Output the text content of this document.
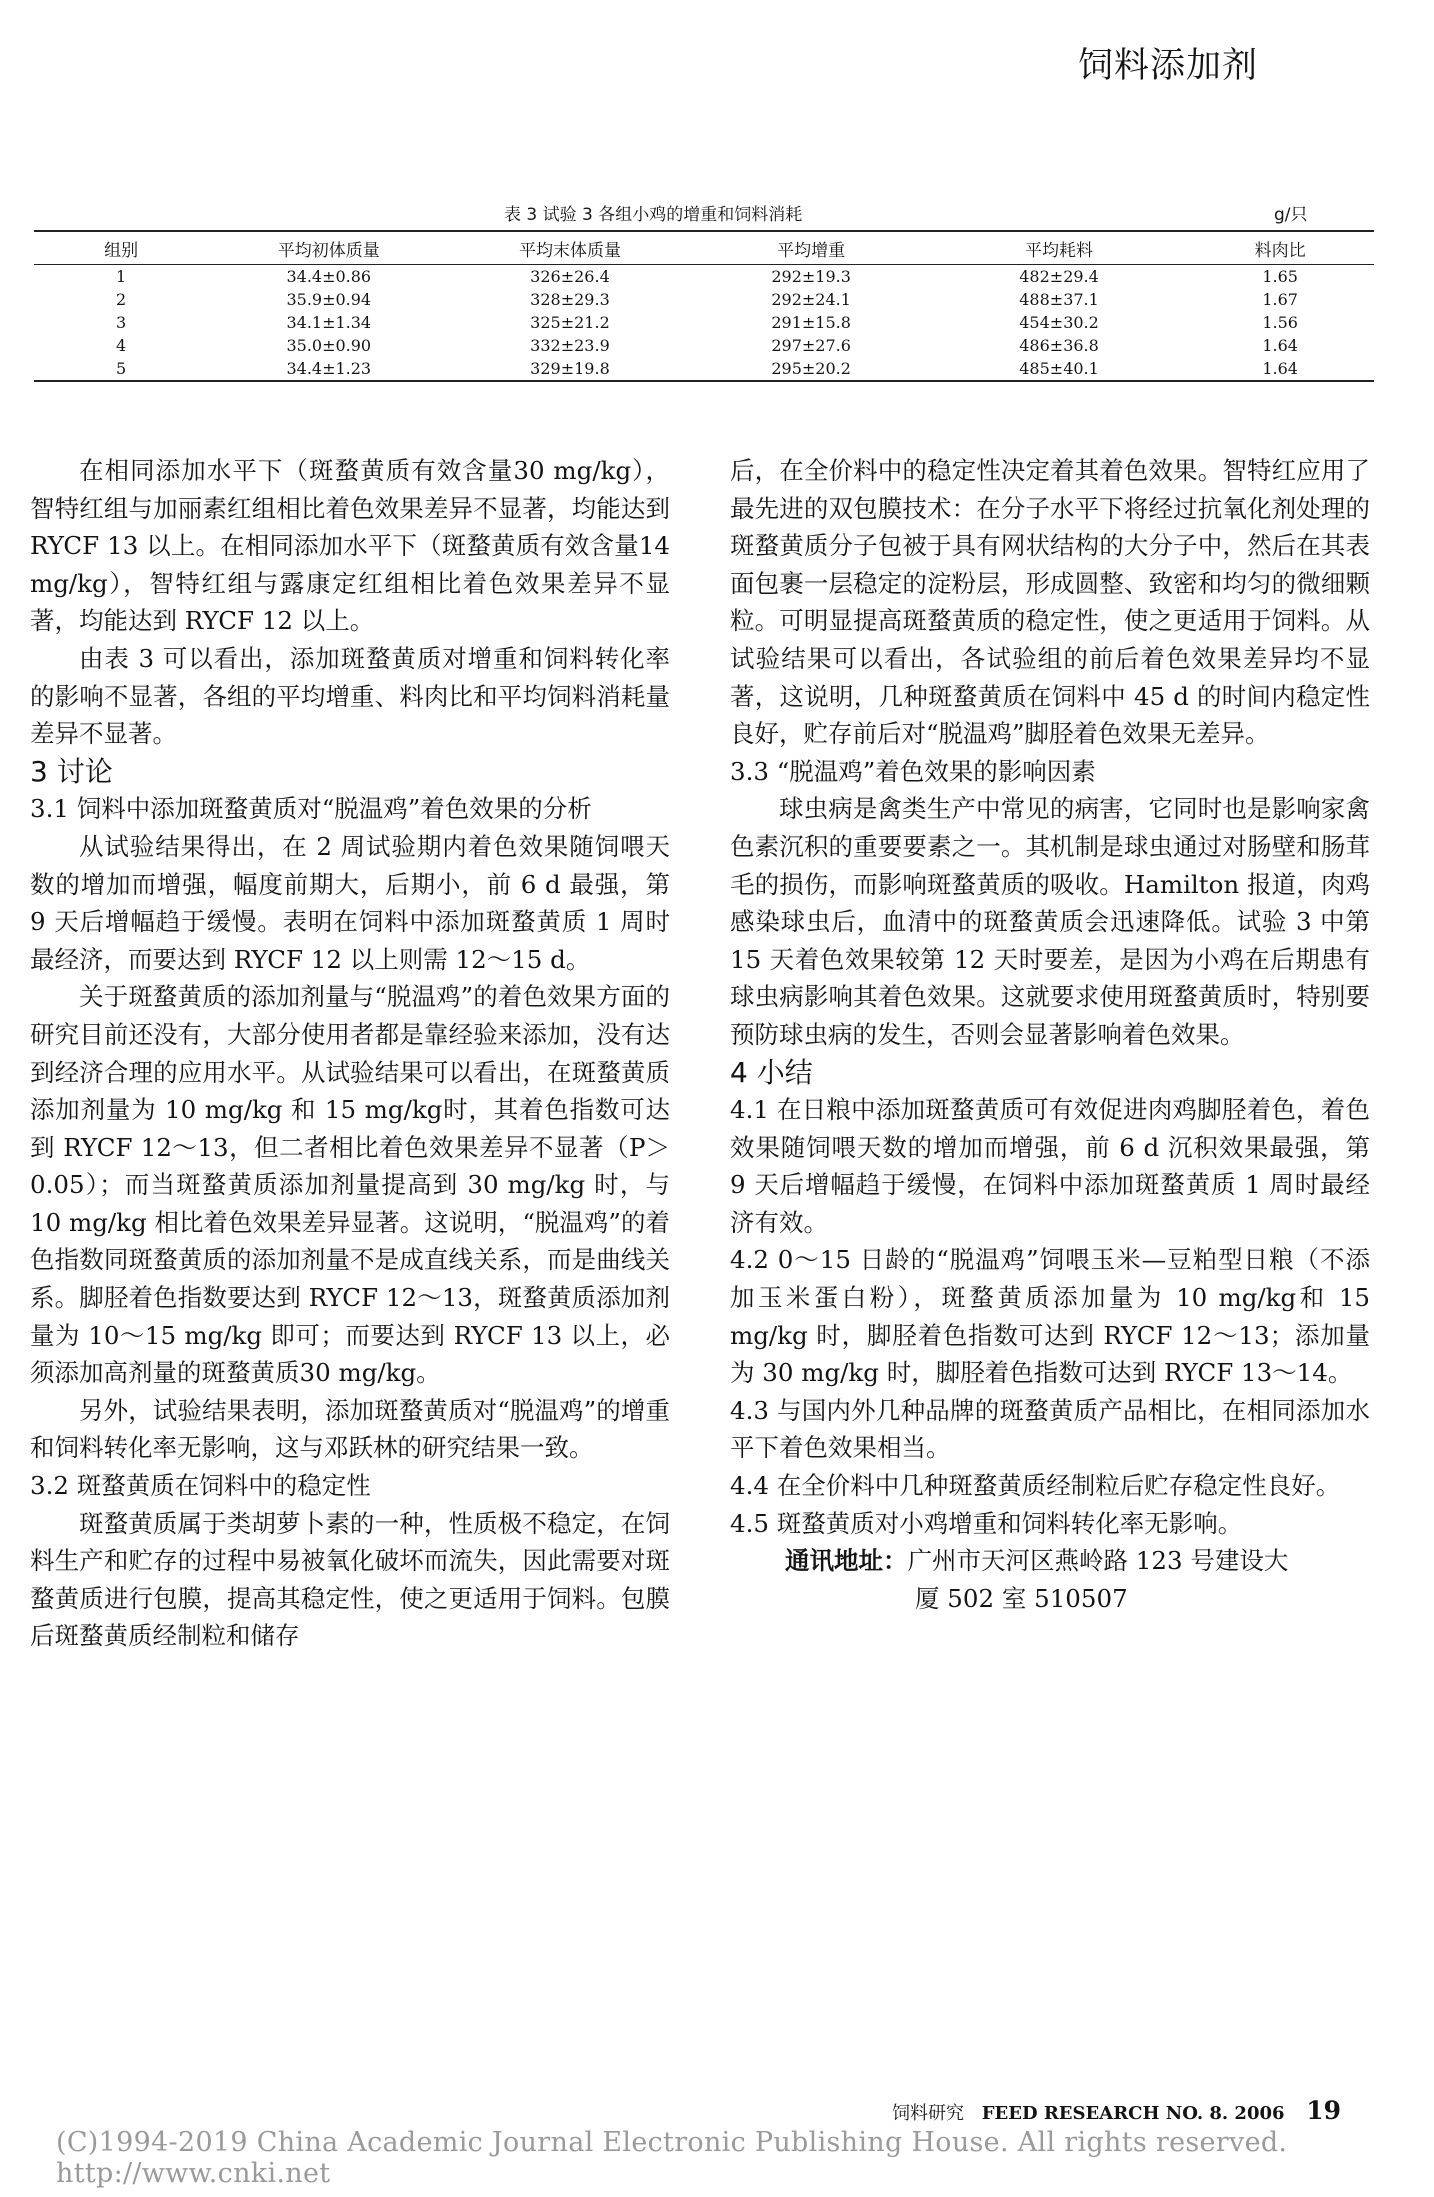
饲料添加剂
表 3 试验 3 各组小鸡的增重和饲料消耗	g/只
组别	平均初体质量	平均末体质量	平均增重	平均耗料	料肉比
1	34.4±0.86	326±26.4	292±19.3	482±29.4	1.65
2	35.9±0.94	328±29.3	292±24.1	488±37.1	1.67
3	34.1±1.34	325±21.2	291±15.8	454±30.2	1.56
4	35.0±0.90	332±23.9	297±27.6	486±36.8	1.64
5	34.4±1.23	329±19.8	295±20.2	485±40.1	1.64

在相同添加水平下（斑蝥黄质有效含量30 mg/kg），智特红组与加丽素红组相比着色效果差异不显著，均能达到 RYCF 13 以上。在相同添加水平下（斑蝥黄质有效含量14 mg/kg），智特红组与露康定红组相比着色效果差异不显著，均能达到 RYCF 12 以上。

由表 3 可以看出，添加斑蝥黄质对增重和饲料转化率的影响不显著，各组的平均增重、料肉比和平均饲料消耗量差异不显著。

3 讨论
3.1 饲料中添加斑蝥黄质对“脱温鸡”着色效果的分析

从试验结果得出，在 2 周试验期内着色效果随饲喂天数的增加而增强，幅度前期大，后期小，前 6 d 最强，第 9 天后增幅趋于缓慢。表明在饲料中添加斑蝥黄质 1 周时最经济，而要达到 RYCF 12 以上则需 12～15 d。

关于斑蝥黄质的添加剂量与“脱温鸡”的着色效果方面的研究目前还没有，大部分使用者都是靠经验来添加，没有达到经济合理的应用水平。从试验结果可以看出，在斑蝥黄质添加剂量为 10 mg/kg 和 15 mg/kg时，其着色指数可达到 RYCF 12～13，但二者相比着色效果差异不显著（P＞0.05）；而当斑蝥黄质添加剂量提高到 30 mg/kg 时，与 10 mg/kg 相比着色效果差异显著。这说明，“脱温鸡”的着色指数同斑蝥黄质的添加剂量不是成直线关系，而是曲线关系。脚胫着色指数要达到 RYCF 12～13，斑蝥黄质添加剂量为 10～15 mg/kg 即可；而要达到 RYCF 13 以上，必须添加高剂量的斑蝥黄质30 mg/kg。

另外，试验结果表明，添加斑蝥黄质对“脱温鸡”的增重和饲料转化率无影响，这与邓跃林的研究结果一致。

3.2 斑蝥黄质在饲料中的稳定性

斑蝥黄质属于类胡萝卜素的一种，性质极不稳定，在饲料生产和贮存的过程中易被氧化破坏而流失，因此需要对斑蝥黄质进行包膜，提高其稳定性，使之更适用于饲料。包膜后斑蝥黄质经制粒和储存

后，在全价料中的稳定性决定着其着色效果。智特红应用了最先进的双包膜技术：在分子水平下将经过抗氧化剂处理的斑蝥黄质分子包被于具有网状结构的大分子中，然后在其表面包裹一层稳定的淀粉层，形成圆整、致密和均匀的微细颗粒。可明显提高斑蝥黄质的稳定性，使之更适用于饲料。从试验结果可以看出，各试验组的前后着色效果差异均不显著，这说明，几种斑蝥黄质在饲料中 45 d 的时间内稳定性良好，贮存前后对“脱温鸡”脚胫着色效果无差异。

3.3 “脱温鸡”着色效果的影响因素

球虫病是禽类生产中常见的病害，它同时也是影响家禽色素沉积的重要要素之一。其机制是球虫通过对肠壁和肠茸毛的损伤，而影响斑蝥黄质的吸收。Hamilton 报道，肉鸡感染球虫后，血清中的斑蝥黄质会迅速降低。试验 3 中第 15 天着色效果较第 12 天时要差，是因为小鸡在后期患有球虫病影响其着色效果。这就要求使用斑蝥黄质时，特别要预防球虫病的发生，否则会显著影响着色效果。

4 小结

4.1 在日粮中添加斑蝥黄质可有效促进肉鸡脚胫着色，着色效果随饲喂天数的增加而增强，前 6 d 沉积效果最强，第 9 天后增幅趋于缓慢，在饲料中添加斑蝥黄质 1 周时最经济有效。

4.2 0～15 日龄的“脱温鸡”饲喂玉米—豆粕型日粮（不添加玉米蛋白粉），斑蝥黄质添加量为 10 mg/kg和 15 mg/kg 时，脚胫着色指数可达到 RYCF 12～13；添加量为 30 mg/kg 时，脚胫着色指数可达到 RYCF 13～14。

4.3 与国内外几种品牌的斑蝥黄质产品相比，在相同添加水平下着色效果相当。

4.4 在全价料中几种斑蝥黄质经制粒后贮存稳定性良好。

4.5 斑蝥黄质对小鸡增重和饲料转化率无影响。

通讯地址：广州市天河区燕岭路 123 号建设大

厦 502 室 510507

饲料研究 FEED RESEARCH NO. 8. 2006 19
(C)1994-2019 China Academic Journal Electronic Publishing House. All rights reserved. http://www.cnki.net
